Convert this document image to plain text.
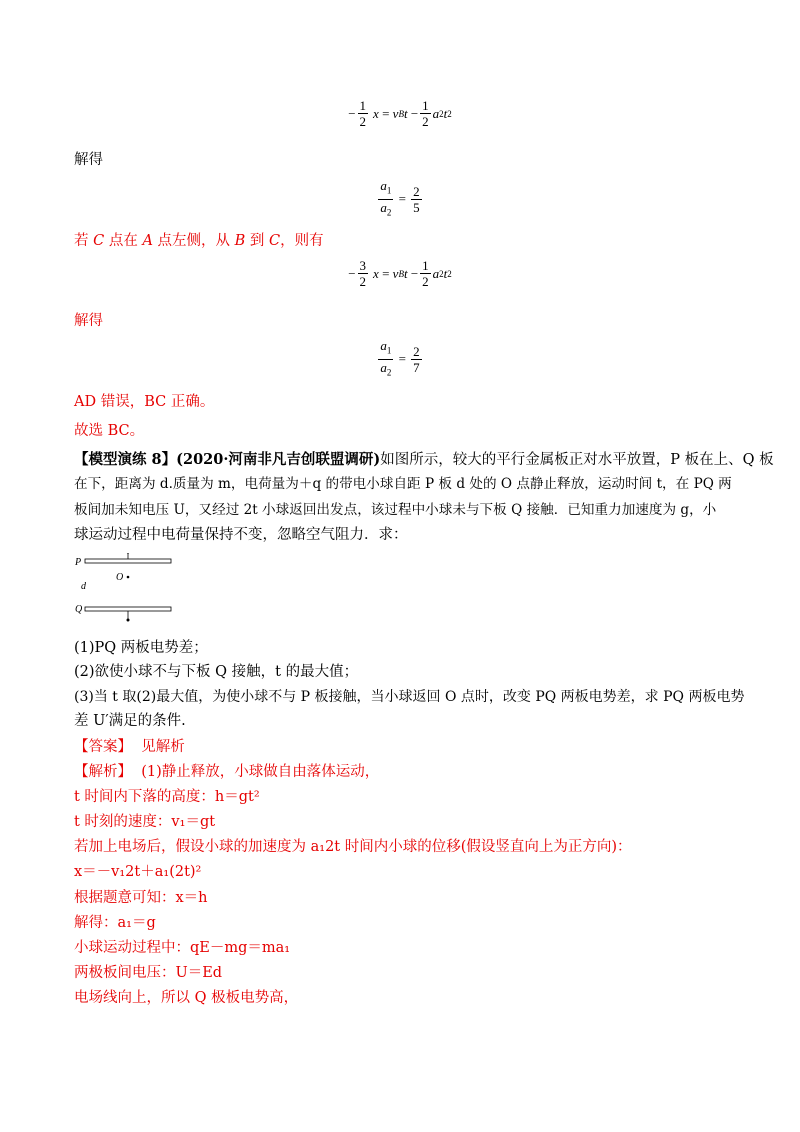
− $\frac{1}{2}$ x = v B $t - \frac{1}{2}$ a 2 t 2
解得
$\frac{a_1}{a_2} = \frac{2}{5}$
若 C 点在 A 点左侧，从 B 到 C，则有
− $\frac{3}{2}$ x = v B $t - \frac{1}{2}$ a 2 t 2
解得
$\frac{a_1}{a_2} = \frac{2}{7}$
AD 错误，BC 正确。
故选 BC。
【模型演练 8】(2020·河南非凡吉创联盟调研)如图所示，较大的平行金属板正对水平放置，P 板在上、Q 板
在下，距离为 d.质量为 m，电荷量为＋q 的带电小球自距 P 板 d 处的 O 点静止释放，运动时间 t，在 PQ 两
板间加未知电压 U，又经过 2t 小球返回出发点，该过程中小球未与下板 Q 接触．已知重力加速度为 g，小
球运动过程中电荷量保持不变，忽略空气阻力．求：
P
O
d
Q
(1)PQ 两板电势差；
(2)欲使小球不与下板 Q 接触，t 的最大值；
(3)当 t 取(2)最大值，为使小球不与 P 板接触，当小球返回 O 点时，改变 PQ 两板电势差，求 PQ 两板电势
差 U′满足的条件.
【答案】 见解析
【解析】 (1)静止释放，小球做自由落体运动，
t 时间内下落的高度：h＝gt²
t 时刻的速度：v₁＝gt
若加上电场后，假设小球的加速度为 a₁2t 时间内小球的位移(假设竖直向上为正方向)：
x＝－v₁2t＋a₁(2t)²
根据题意可知：x＝h
解得：a₁＝g
小球运动过程中：qE－mg＝ma₁
两极板间电压：U＝Ed
电场线向上，所以 Q 极板电势高，
